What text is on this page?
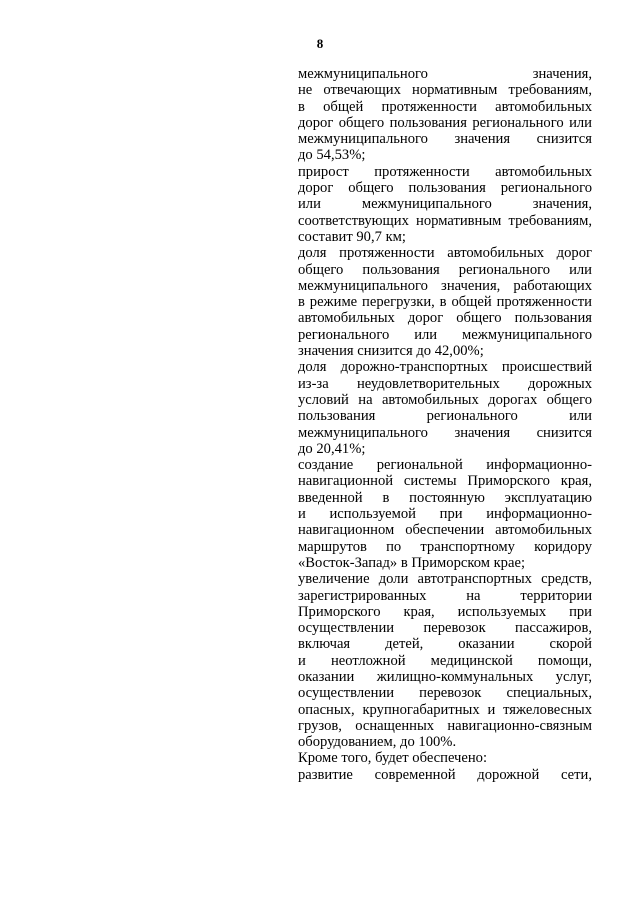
8
межмуниципального значения,
не отвечающих нормативным требованиям,
в общей протяженности автомобильных
дорог общего пользования регионального или
межмуниципального значения снизится
до 54,53%;
прирост протяженности автомобильных
дорог общего пользования регионального
или межмуниципального значения,
соответствующих нормативным требованиям,
составит 90,7 км;
доля протяженности автомобильных дорог
общего пользования регионального или
межмуниципального значения, работающих
в режиме перегрузки, в общей протяженности
автомобильных дорог общего пользования
регионального или межмуниципального
значения снизится до 42,00%;
доля дорожно-транспортных происшествий
из-за неудовлетворительных дорожных
условий на автомобильных дорогах общего
пользования регионального или
межмуниципального значения снизится
до 20,41%;
создание региональной информационно-
навигационной системы Приморского края,
введенной в постоянную эксплуатацию
и используемой при информационно-
навигационном обеспечении автомобильных
маршрутов по транспортному коридору
«Восток-Запад» в Приморском крае;
увеличение доли автотранспортных средств,
зарегистрированных на территории
Приморского края, используемых при
осуществлении перевозок пассажиров,
включая детей, оказании скорой
и неотложной медицинской помощи,
оказании жилищно-коммунальных услуг,
осуществлении перевозок специальных,
опасных, крупногабаритных и тяжеловесных
грузов, оснащенных навигационно-связным
оборудованием, до 100%.
Кроме того, будет обеспечено:
развитие современной дорожной сети,
